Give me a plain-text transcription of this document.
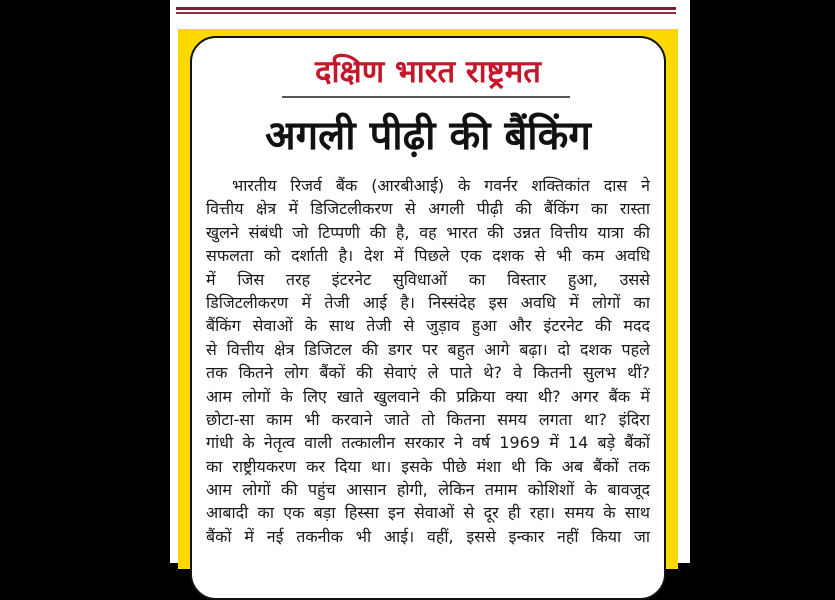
दक्षिण भारत राष्ट्रमत
अगली पीढ़ी की बैंकिंग
भारतीय रिजर्व बैंक (आरबीआई) के गवर्नर शक्तिकांत दास ने
वित्तीय क्षेत्र में डिजिटलीकरण से अगली पीढ़ी की बैंकिंग का रास्ता
खुलने संबंधी जो टिप्पणी की है, वह भारत की उन्नत वित्तीय यात्रा की
सफलता को दर्शाती है। देश में पिछले एक दशक से भी कम अवधि
में जिस तरह इंटरनेट सुविधाओं का विस्तार हुआ, उससे
डिजिटलीकरण में तेजी आई है। निस्संदेह इस अवधि में लोगों का
बैंकिंग सेवाओं के साथ तेजी से जुड़ाव हुआ और इंटरनेट की मदद
से वित्तीय क्षेत्र डिजिटल की डगर पर बहुत आगे बढ़ा। दो दशक पहले
तक कितने लोग बैंकों की सेवाएं ले पाते थे? वे कितनी सुलभ थीं?
आम लोगों के लिए खाते खुलवाने की प्रक्रिया क्या थी? अगर बैंक में
छोटा-सा काम भी करवाने जाते तो कितना समय लगता था? इंदिरा
गांधी के नेतृत्व वाली तत्कालीन सरकार ने वर्ष 1969 में 14 बड़े बैंकों
का राष्ट्रीयकरण कर दिया था। इसके पीछे मंशा थी कि अब बैंकों तक
आम लोगों की पहुंच आसान होगी, लेकिन तमाम कोशिशों के बावजूद
आबादी का एक बड़ा हिस्सा इन सेवाओं से दूर ही रहा। समय के साथ
बैंकों में नई तकनीक भी आई। वहीं, इससे इन्कार नहीं किया जा
